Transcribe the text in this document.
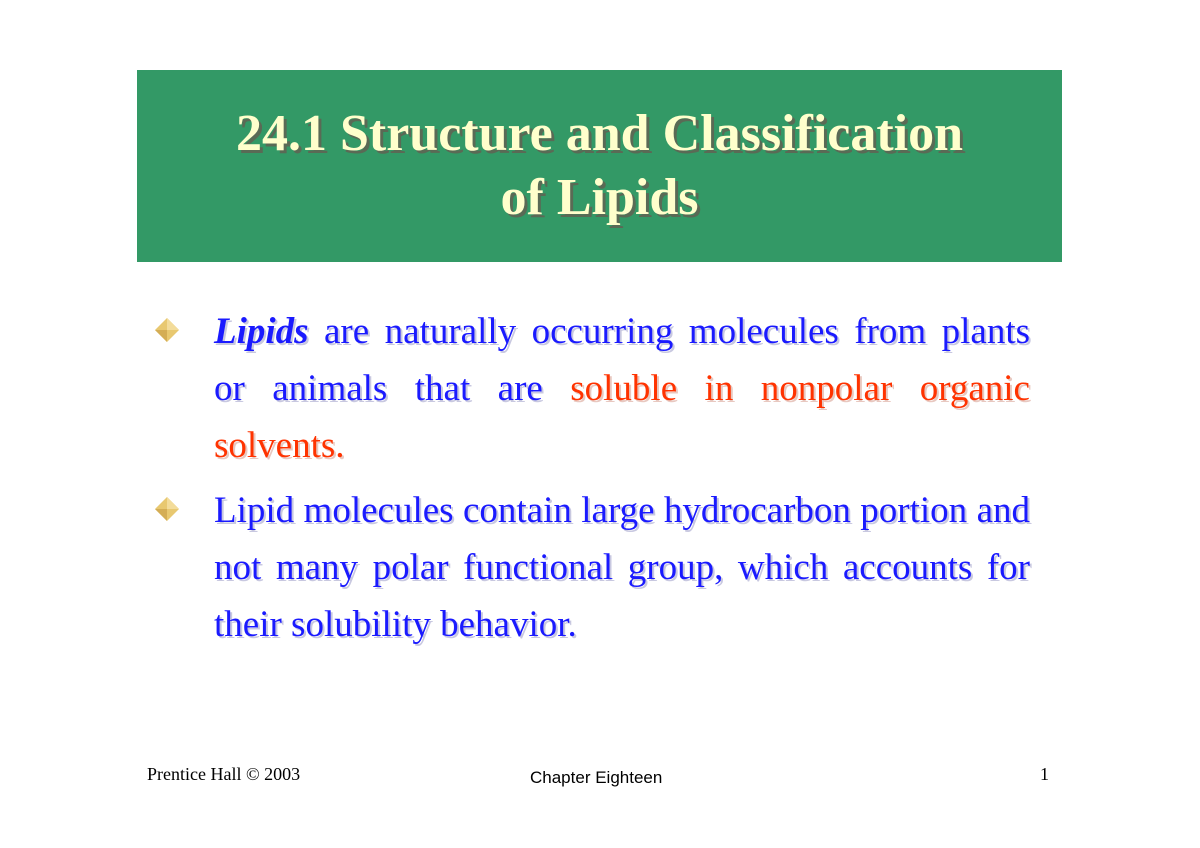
24.1 Structure and Classification
of Lipids
Lipids are naturally occurring molecules from plants or animals that are soluble in nonpolar organic solvents.
Lipid molecules contain large hydrocarbon portion and not many polar functional group, which accounts for their solubility behavior.
Prentice Hall © 2003	Chapter Eighteen	1
